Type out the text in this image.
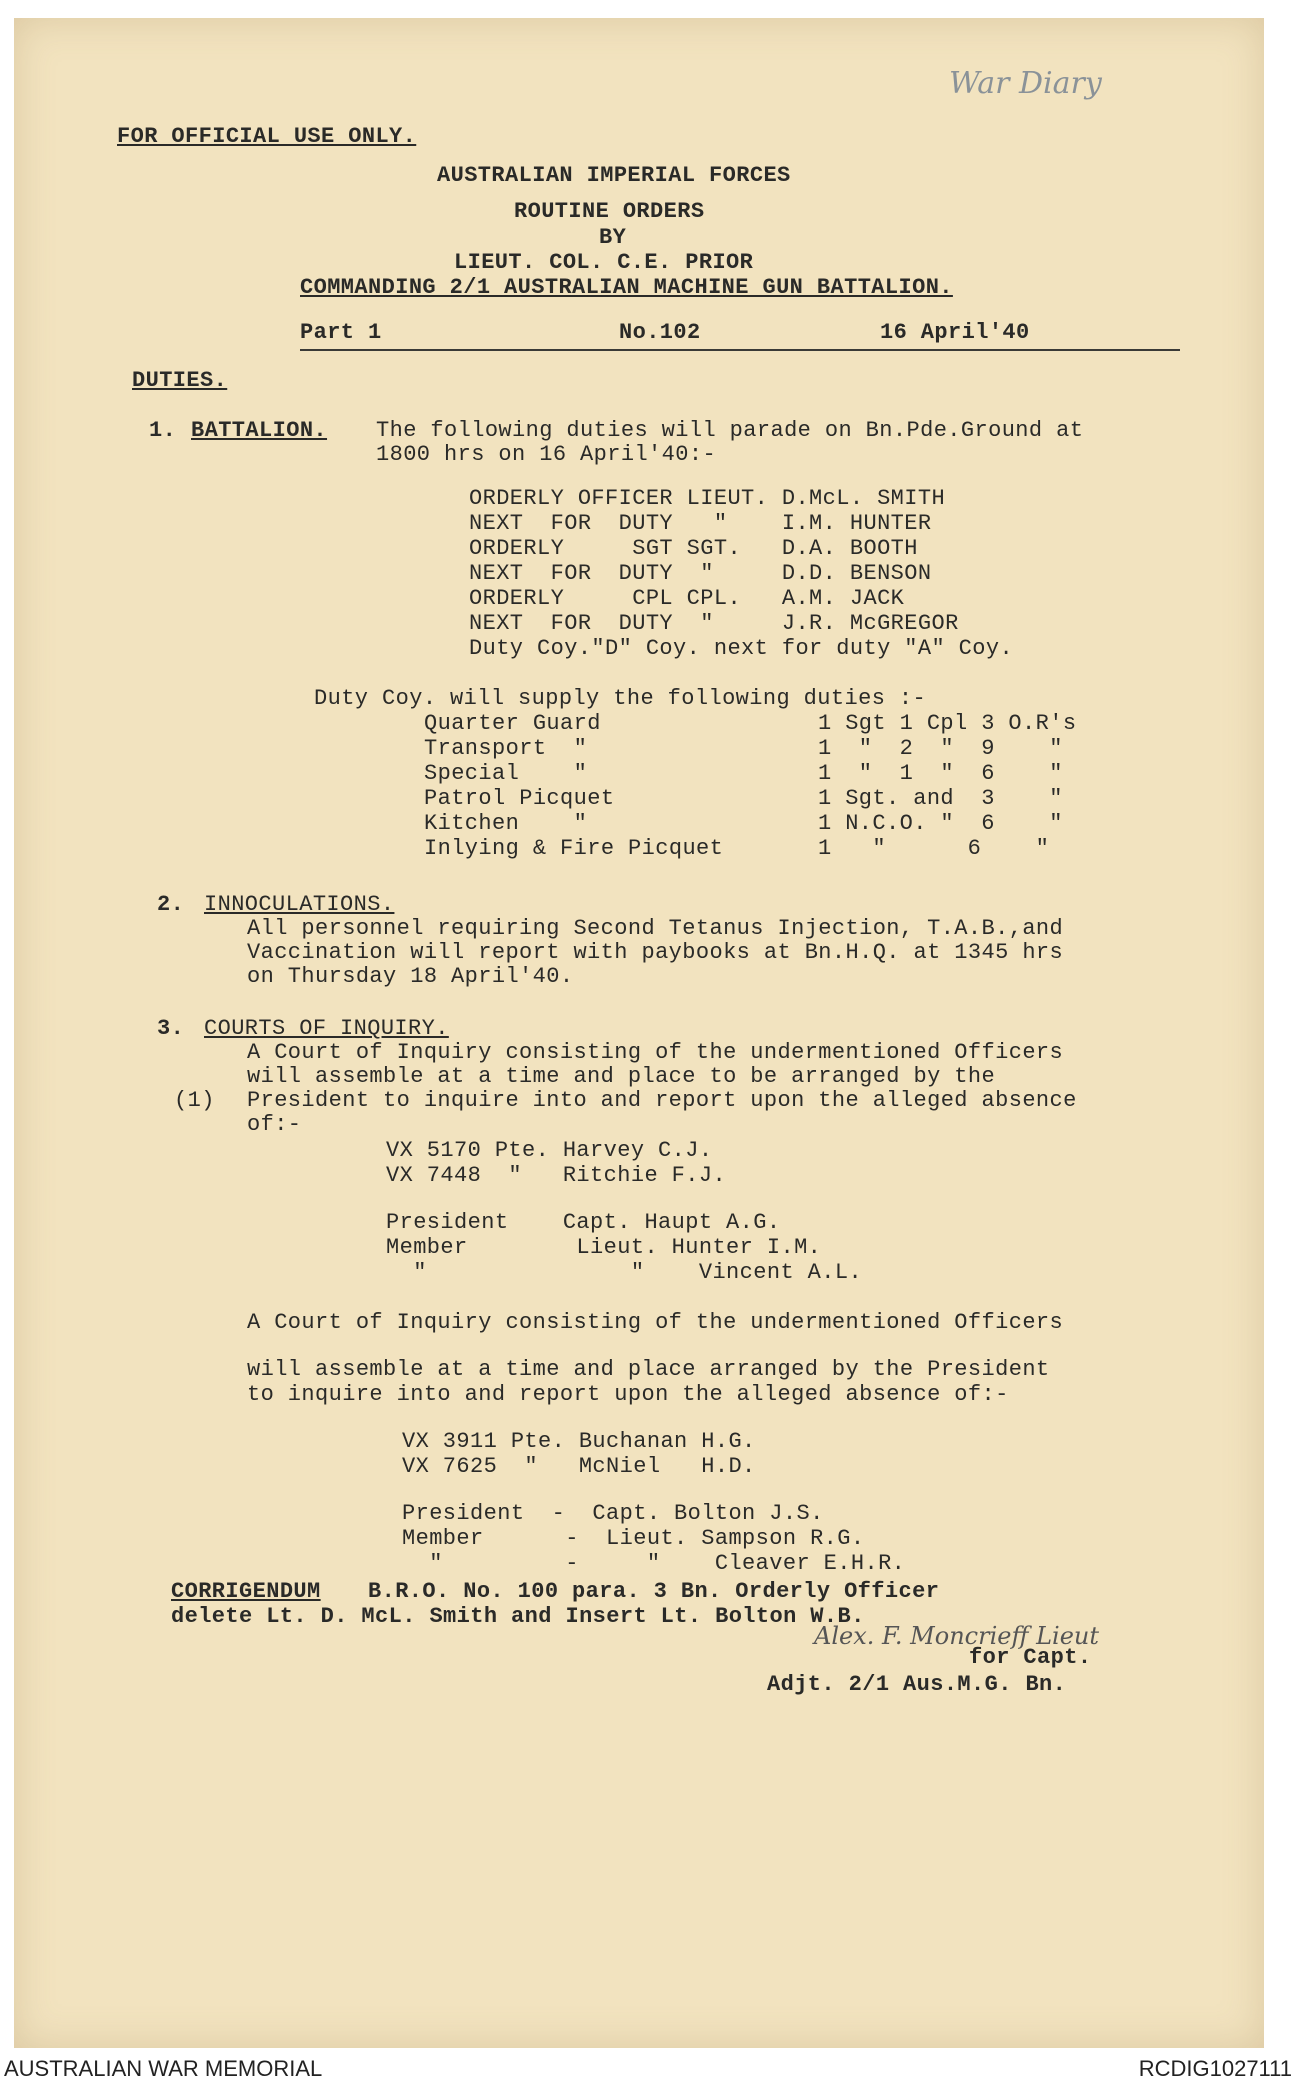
War Diary
FOR OFFICIAL USE ONLY.
AUSTRALIAN IMPERIAL FORCES
ROUTINE ORDERS
BY
LIEUT. COL. C.E. PRIOR
COMMANDING 2/1 AUSTRALIAN MACHINE GUN BATTALION.
Part 1	No.102	16 April'40
DUTIES.
1. BATTALION. The following duties will parade on Bn.Pde.Ground at
1800 hrs on 16 April'40:-
ORDERLY OFFICER LIEUT. D.McL. SMITH
NEXT  FOR  DUTY   "    I.M. HUNTER
ORDERLY     SGT SGT.   D.A. BOOTH
NEXT  FOR  DUTY  "     D.D. BENSON
ORDERLY     CPL CPL.   A.M. JACK
NEXT  FOR  DUTY  "     J.R. McGREGOR
Duty Coy."D" Coy. next for duty "A" Coy.
Duty Coy. will supply the following duties :-
Quarter Guard	1 Sgt 1 Cpl 3 O.R's
Transport  "	1  "  2  "  9    "
Special    "	1  "  1  "  6    "
Patrol Picquet	1 Sgt. and  3    "
Kitchen    "	1 N.C.O. "  6    "
Inlying & Fire Picquet	1   "      6    "
2. INNOCULATIONS.
All personnel requiring Second Tetanus Injection, T.A.B.,and
Vaccination will report with paybooks at Bn.H.Q. at 1345 hrs
on Thursday 18 April'40.
3. COURTS OF INQUIRY.
A Court of Inquiry consisting of the undermentioned Officers
will assemble at a time and place to be arranged by the
(1) President to inquire into and report upon the alleged absence
of:-
VX 5170 Pte. Harvey C.J.
VX 7448  "   Ritchie F.J.
President    Capt. Haupt A.G.
Member        Lieut. Hunter I.M.
"               "    Vincent A.L.
A Court of Inquiry consisting of the undermentioned Officers
will assemble at a time and place arranged by the President
to inquire into and report upon the alleged absence of:-
VX 3911 Pte. Buchanan H.G.
VX 7625  "   McNiel   H.D.
President  -  Capt. Bolton J.S.
Member      -  Lieut. Sampson R.G.
"         -     "    Cleaver E.H.R.
CORRIGENDUM B.R.O. No. 100 para. 3 Bn. Orderly Officer
delete Lt. D. McL. Smith and Insert Lt. Bolton W.B.
Alex. F. Moncrieff Lieut
for Capt.
Adjt. 2/1 Aus.M.G. Bn.
AUSTRALIAN WAR MEMORIAL	RCDIG1027111
